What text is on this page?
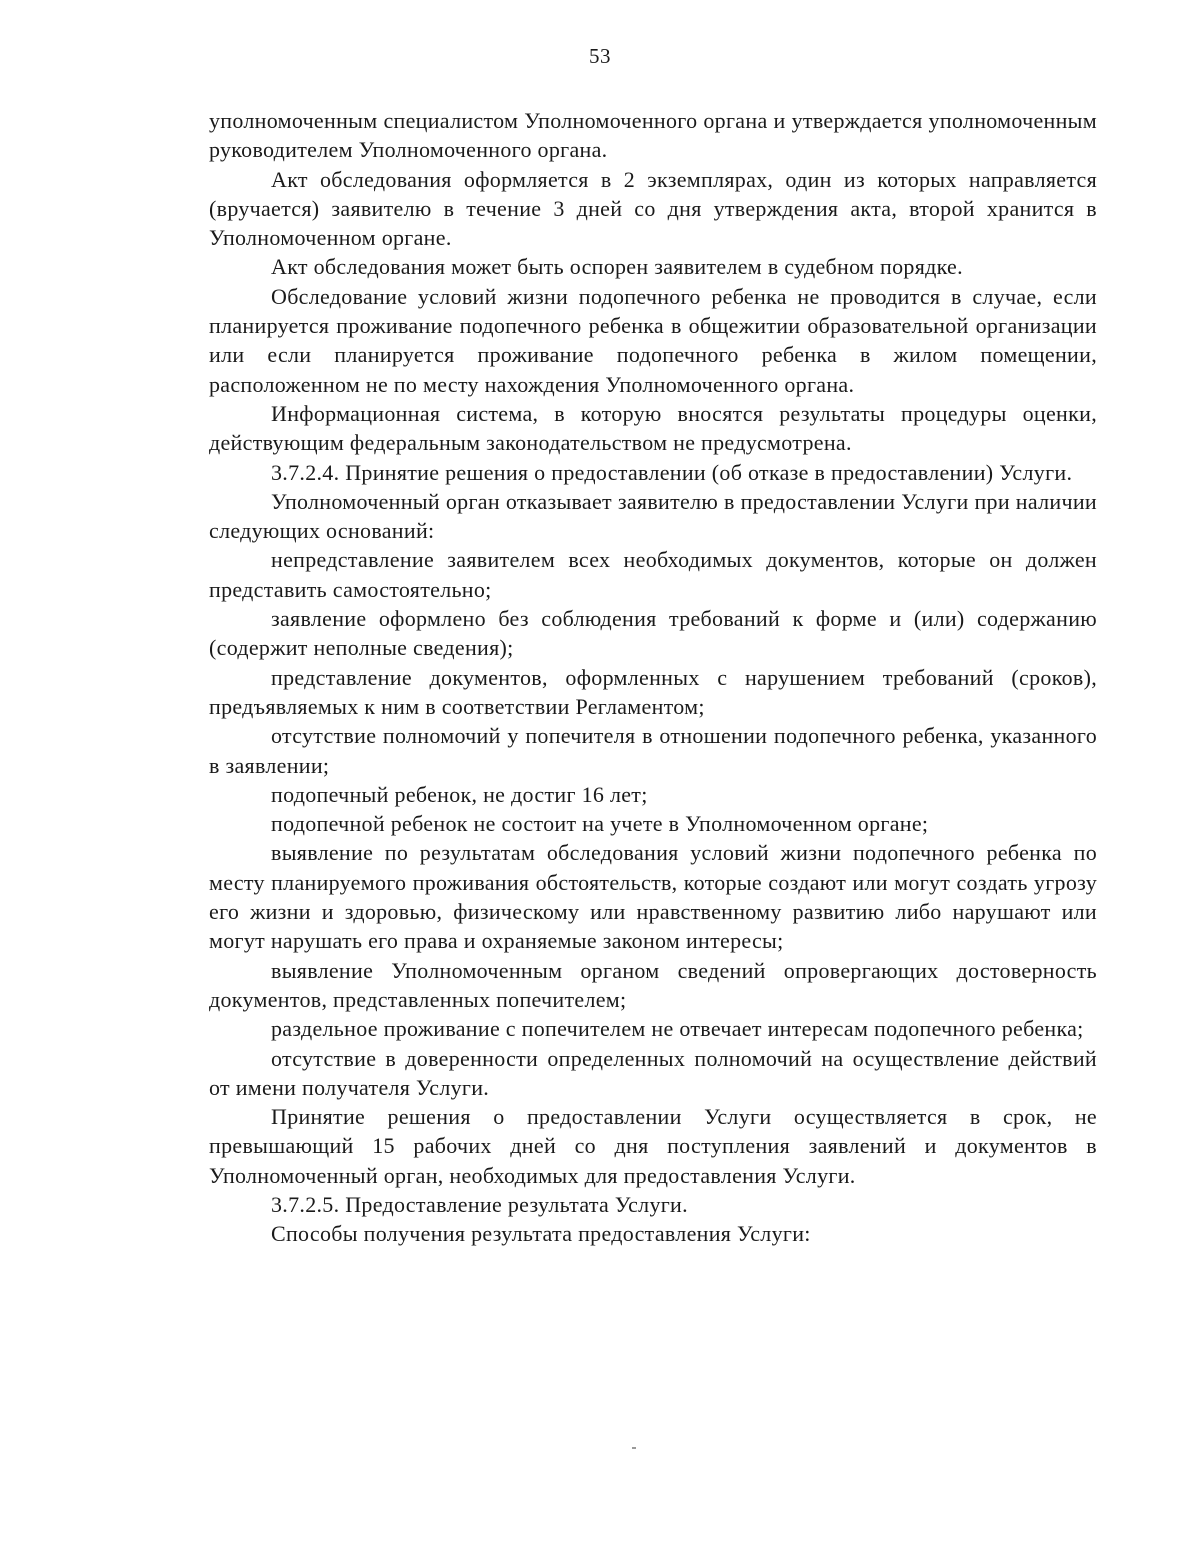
53

уполномоченным специалистом Уполномоченного органа и утверждается уполномоченным руководителем Уполномоченного органа.

Акт обследования оформляется в 2 экземплярах, один из которых направляется (вручается) заявителю в течение 3 дней со дня утверждения акта, второй хранится в Уполномоченном органе.

Акт обследования может быть оспорен заявителем в судебном порядке.

Обследование условий жизни подопечного ребенка не проводится в случае, если планируется проживание подопечного ребенка в общежитии образовательной организации или если планируется проживание подопечного ребенка в жилом помещении, расположенном не по месту нахождения Уполномоченного органа.

Информационная система, в которую вносятся результаты процедуры оценки, действующим федеральным законодательством не предусмотрена.

3.7.2.4. Принятие решения о предоставлении (об отказе в предоставлении) Услуги.

Уполномоченный орган отказывает заявителю в предоставлении Услуги при наличии следующих оснований:

непредставление заявителем всех необходимых документов, которые он должен представить самостоятельно;

заявление оформлено без соблюдения требований к форме и (или) содержанию (содержит неполные сведения);

представление документов, оформленных с нарушением требований (сроков), предъявляемых к ним в соответствии Регламентом;

отсутствие полномочий у попечителя в отношении подопечного ребенка, указанного в заявлении;

подопечный ребенок, не достиг 16 лет;

подопечной ребенок не состоит на учете в Уполномоченном органе;

выявление по результатам обследования условий жизни подопечного ребенка по месту планируемого проживания обстоятельств, которые создают или могут создать угрозу его жизни и здоровью, физическому или нравственному развитию либо нарушают или могут нарушать его права и охраняемые законом интересы;

выявление Уполномоченным органом сведений опровергающих достоверность документов, представленных попечителем;

раздельное проживание с попечителем не отвечает интересам подопечного ребенка;

отсутствие в доверенности определенных полномочий на осуществление действий от имени получателя Услуги.

Принятие решения о предоставлении Услуги осуществляется в срок, не превышающий 15 рабочих дней со дня поступления заявлений и документов в Уполномоченный орган, необходимых для предоставления Услуги.

3.7.2.5. Предоставление результата Услуги.

Способы получения результата предоставления Услуги:
